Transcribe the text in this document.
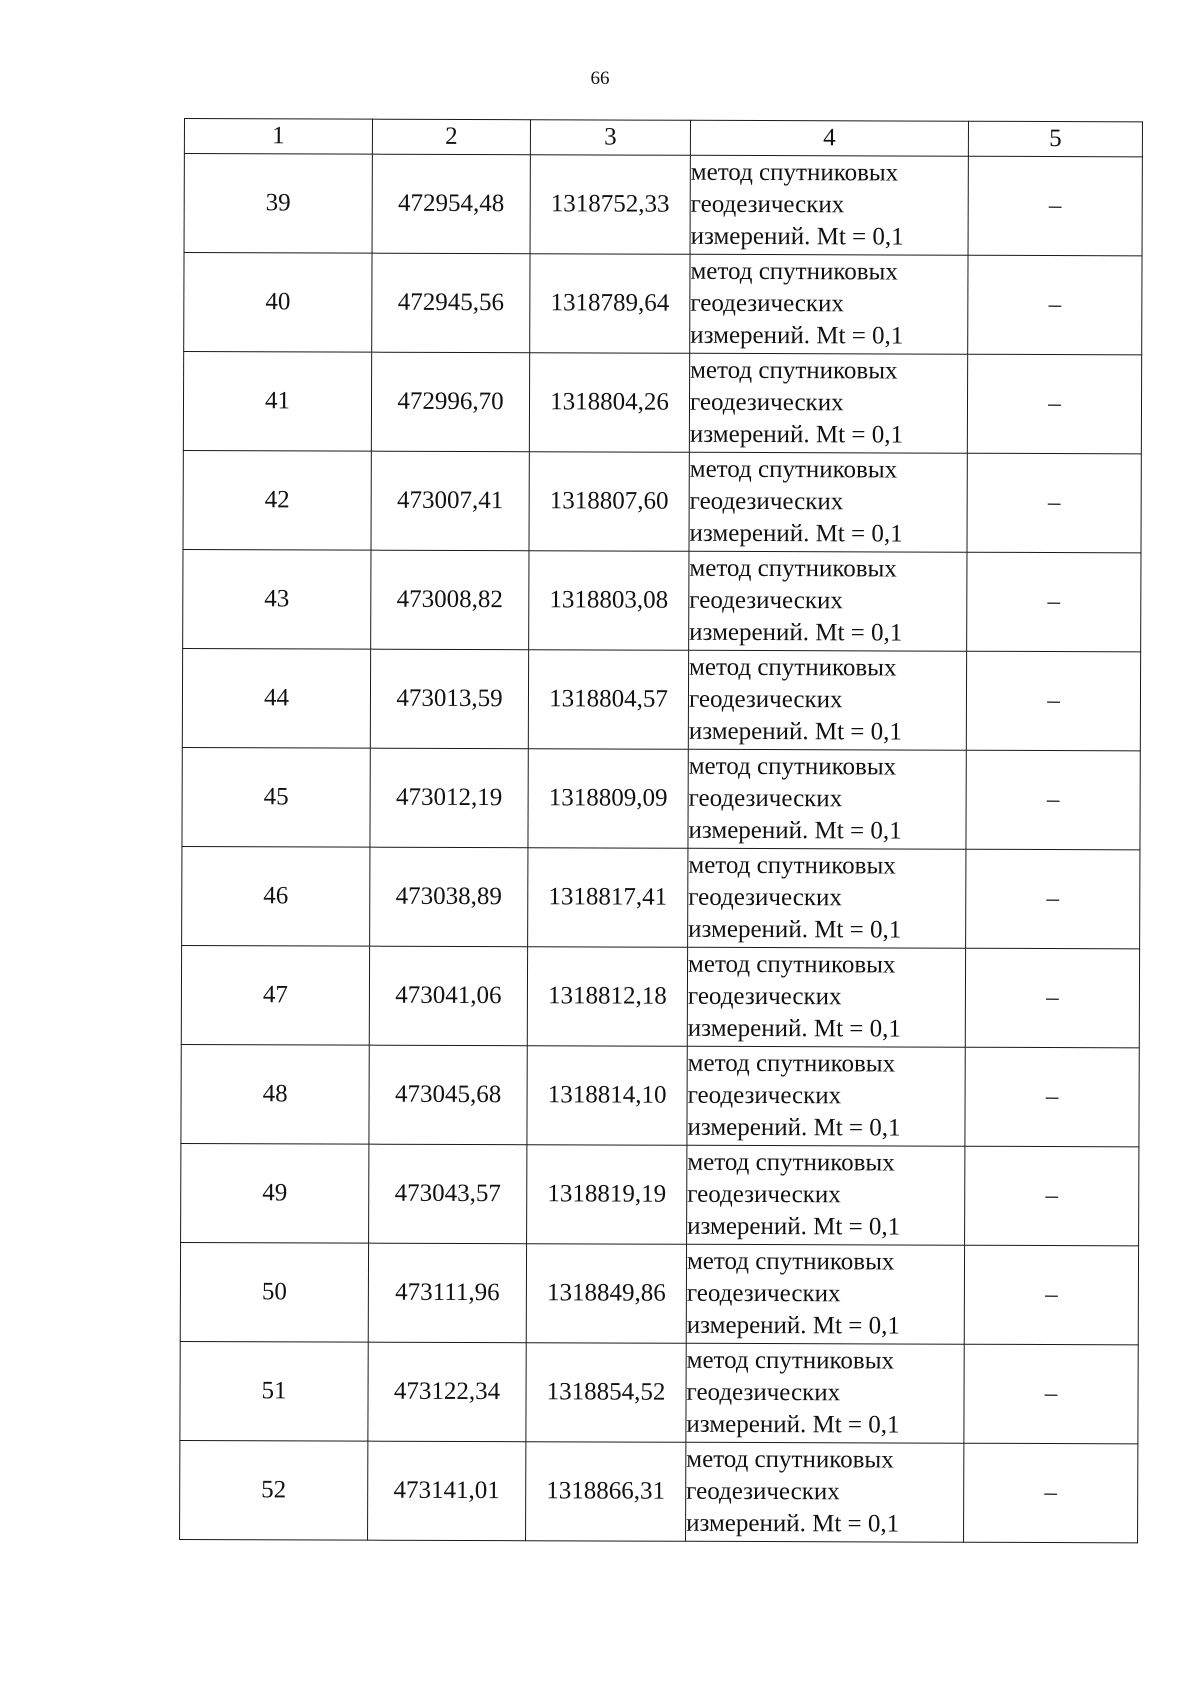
66
1	2	3	4	5
39	472954,48	1318752,33	метод спутниковых
геодезических
измерений. Mt = 0,1	–
40	472945,56	1318789,64	метод спутниковых
геодезических
измерений. Mt = 0,1	–
41	472996,70	1318804,26	метод спутниковых
геодезических
измерений. Mt = 0,1	–
42	473007,41	1318807,60	метод спутниковых
геодезических
измерений. Mt = 0,1	–
43	473008,82	1318803,08	метод спутниковых
геодезических
измерений. Mt = 0,1	–
44	473013,59	1318804,57	метод спутниковых
геодезических
измерений. Mt = 0,1	–
45	473012,19	1318809,09	метод спутниковых
геодезических
измерений. Mt = 0,1	–
46	473038,89	1318817,41	метод спутниковых
геодезических
измерений. Mt = 0,1	–
47	473041,06	1318812,18	метод спутниковых
геодезических
измерений. Mt = 0,1	–
48	473045,68	1318814,10	метод спутниковых
геодезических
измерений. Mt = 0,1	–
49	473043,57	1318819,19	метод спутниковых
геодезических
измерений. Mt = 0,1	–
50	473111,96	1318849,86	метод спутниковых
геодезических
измерений. Mt = 0,1	–
51	473122,34	1318854,52	метод спутниковых
геодезических
измерений. Mt = 0,1	–
52	473141,01	1318866,31	метод спутниковых
геодезических
измерений. Mt = 0,1	–
